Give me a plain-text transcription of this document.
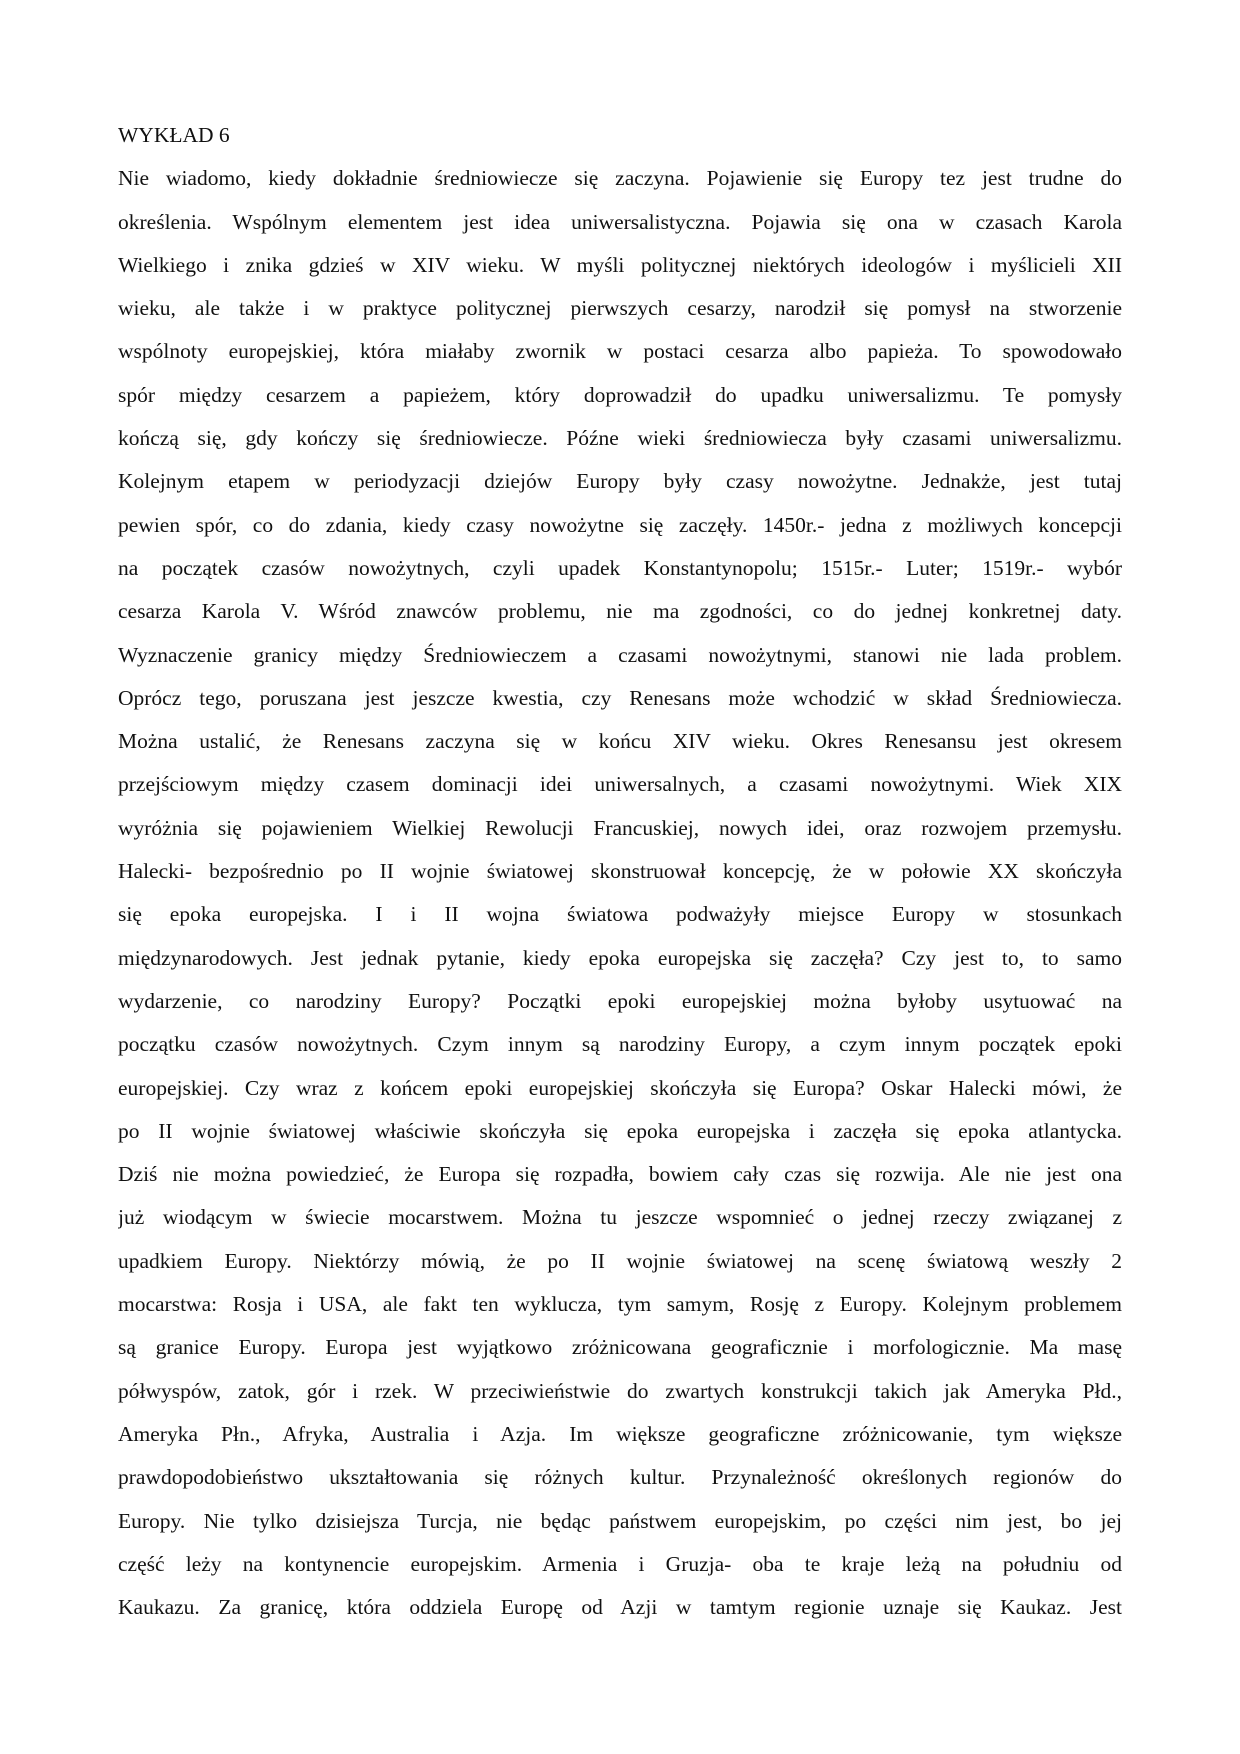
WYKŁAD 6
Nie wiadomo, kiedy dokładnie średniowiecze się zaczyna. Pojawienie się Europy tez jest trudne do
określenia. Wspólnym elementem jest idea uniwersalistyczna. Pojawia się ona w czasach Karola
Wielkiego i znika gdzieś w XIV wieku. W myśli politycznej niektórych ideologów i myślicieli XII
wieku, ale także i w praktyce politycznej pierwszych cesarzy, narodził się pomysł na stworzenie
wspólnoty europejskiej, która miałaby zwornik w postaci cesarza albo papieża. To spowodowało
spór między cesarzem a papieżem, który doprowadził do upadku uniwersalizmu. Te pomysły
kończą się, gdy kończy się średniowiecze. Późne wieki średniowiecza były czasami uniwersalizmu.
Kolejnym etapem w periodyzacji dziejów Europy były czasy nowożytne. Jednakże, jest tutaj
pewien spór, co do zdania, kiedy czasy nowożytne się zaczęły. 1450r.- jedna z możliwych koncepcji
na początek czasów nowożytnych, czyli upadek Konstantynopolu; 1515r.- Luter; 1519r.- wybór
cesarza Karola V. Wśród znawców problemu, nie ma zgodności, co do jednej konkretnej daty.
Wyznaczenie granicy między Średniowieczem a czasami nowożytnymi, stanowi nie lada problem.
Oprócz tego, poruszana jest jeszcze kwestia, czy Renesans może wchodzić w skład Średniowiecza.
Można ustalić, że Renesans zaczyna się w końcu XIV wieku. Okres Renesansu jest okresem
przejściowym między czasem dominacji idei uniwersalnych, a czasami nowożytnymi. Wiek XIX
wyróżnia się pojawieniem Wielkiej Rewolucji Francuskiej, nowych idei, oraz rozwojem przemysłu.
Halecki- bezpośrednio po II wojnie światowej skonstruował koncepcję, że w połowie XX skończyła
się epoka europejska. I i II wojna światowa podważyły miejsce Europy w stosunkach
międzynarodowych. Jest jednak pytanie, kiedy epoka europejska się zaczęła? Czy jest to, to samo
wydarzenie, co narodziny Europy? Początki epoki europejskiej można byłoby usytuować na
początku czasów nowożytnych. Czym innym są narodziny Europy, a czym innym początek epoki
europejskiej. Czy wraz z końcem epoki europejskiej skończyła się Europa? Oskar Halecki mówi, że
po II wojnie światowej właściwie skończyła się epoka europejska i zaczęła się epoka atlantycka.
Dziś nie można powiedzieć, że Europa się rozpadła, bowiem cały czas się rozwija. Ale nie jest ona
już wiodącym w świecie mocarstwem. Można tu jeszcze wspomnieć o jednej rzeczy związanej z
upadkiem Europy. Niektórzy mówią, że po II wojnie światowej na scenę światową weszły 2
mocarstwa: Rosja i USA, ale fakt ten wyklucza, tym samym, Rosję z Europy. Kolejnym problemem
są granice Europy. Europa jest wyjątkowo zróżnicowana geograficznie i morfologicznie. Ma masę
półwyspów, zatok, gór i rzek. W przeciwieństwie do zwartych konstrukcji takich jak Ameryka Płd.,
Ameryka Płn., Afryka, Australia i Azja. Im większe geograficzne zróżnicowanie, tym większe
prawdopodobieństwo ukształtowania się różnych kultur. Przynależność określonych regionów do
Europy. Nie tylko dzisiejsza Turcja, nie będąc państwem europejskim, po części nim jest, bo jej
część leży na kontynencie europejskim. Armenia i Gruzja- oba te kraje leżą na południu od
Kaukazu. Za granicę, która oddziela Europę od Azji w tamtym regionie uznaje się Kaukaz. Jest
